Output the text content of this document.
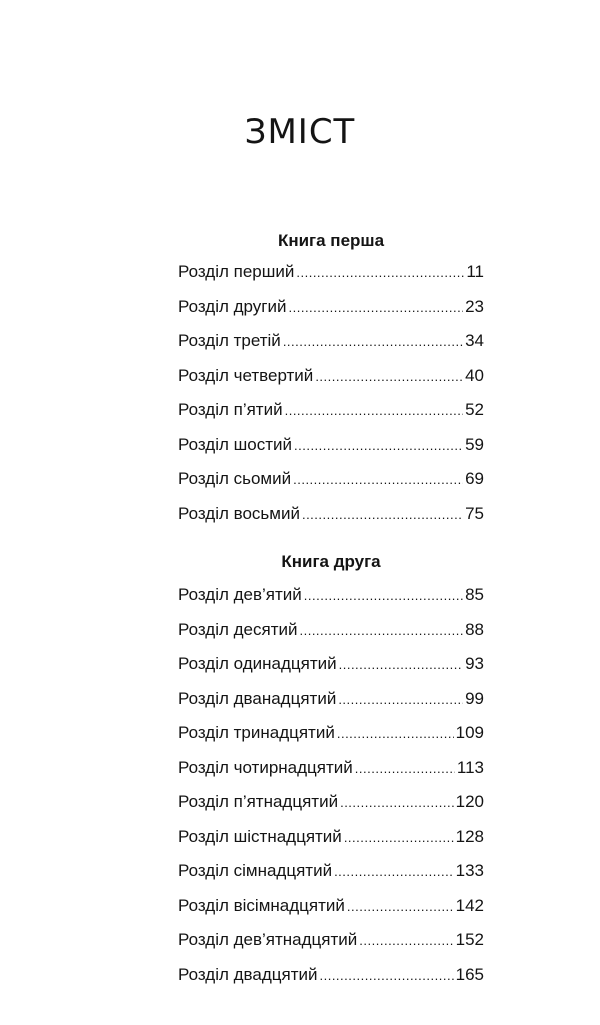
ЗМІСТ
Книга перша
Розділ перший .....	11
Розділ другий .....	23
Розділ третій .....	34
Розділ четвертий .....	40
Розділ п’ятий .....	52
Розділ шостий .....	59
Розділ сьомий .....	69
Розділ восьмий .....	75
Книга друга
Розділ дев’ятий .....	85
Розділ десятий .....	88
Розділ одинадцятий .....	93
Розділ дванадцятий .....	99
Розділ тринадцятий .....	109
Розділ чотирнадцятий .....	113
Розділ п’ятнадцятий .....	120
Розділ шістнадцятий .....	128
Розділ сімнадцятий .....	133
Розділ вісімнадцятий .....	142
Розділ дев’ятнадцятий .....	152
Розділ двадцятий .....	165
